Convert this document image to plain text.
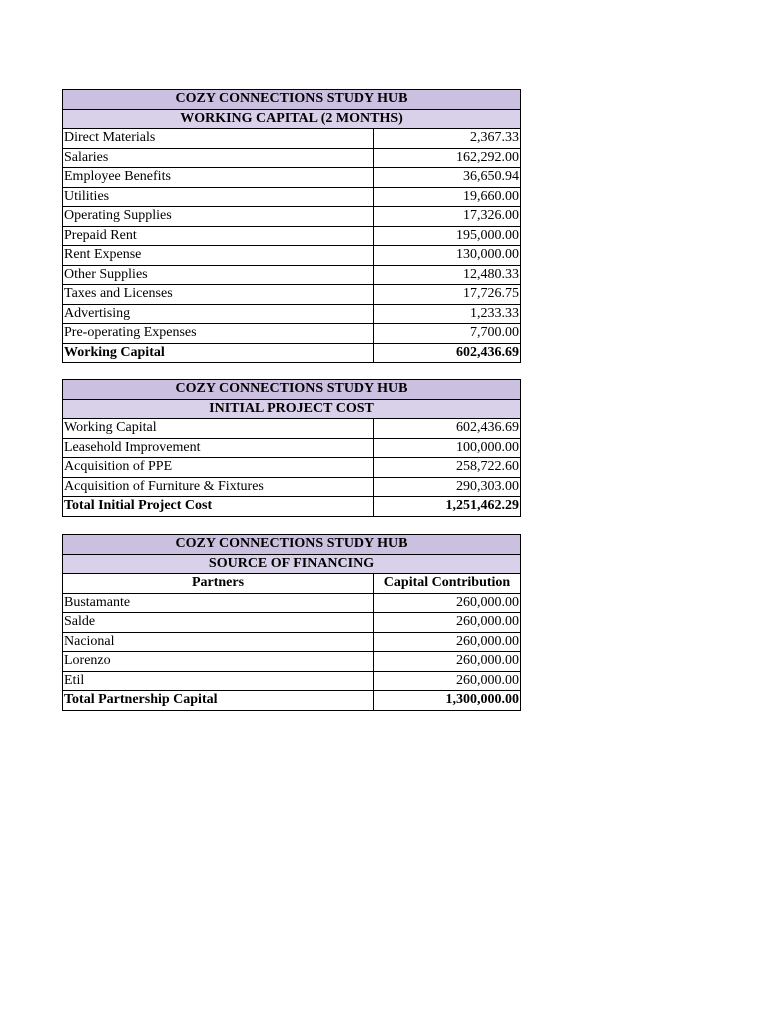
COZY CONNECTIONS STUDY HUB	
WORKING CAPITAL (2 MONTHS)	
Direct Materials	2,367.33
Salaries	162,292.00
Employee Benefits	36,650.94
Utilities	19,660.00
Operating Supplies	17,326.00
Prepaid Rent	195,000.00
Rent Expense	130,000.00
Other Supplies	12,480.33
Taxes and Licenses	17,726.75
Advertising	1,233.33
Pre-operating Expenses	7,700.00
Working Capital	602,436.69
COZY CONNECTIONS STUDY HUB	
INITIAL PROJECT COST	
Working Capital	602,436.69
Leasehold Improvement	100,000.00
Acquisition of PPE	258,722.60
Acquisition of Furniture & Fixtures	290,303.00
Total Initial Project Cost	1,251,462.29
COZY CONNECTIONS STUDY HUB	
SOURCE OF FINANCING	
Partners	Capital Contribution
Bustamante	260,000.00
Salde	260,000.00
Nacional	260,000.00
Lorenzo	260,000.00
Etil	260,000.00
Total Partnership Capital	1,300,000.00
